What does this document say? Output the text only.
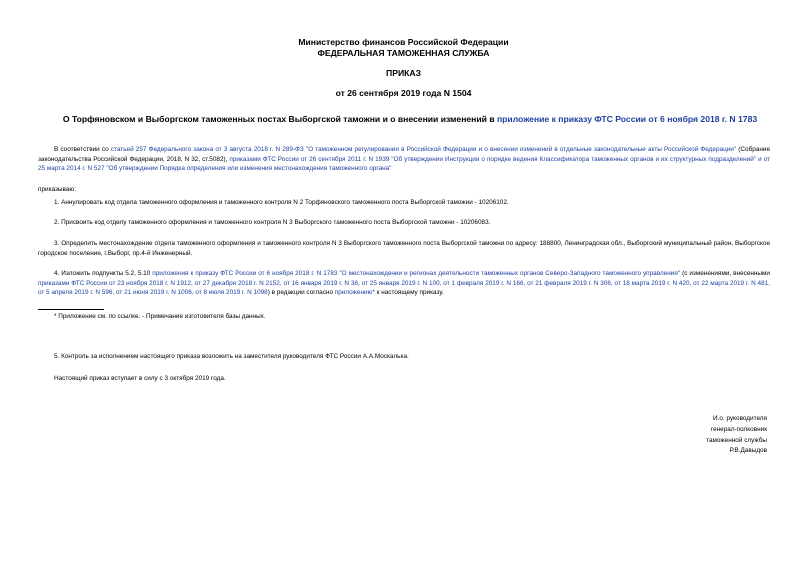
Министерство финансов Российской Федерации
ФЕДЕРАЛЬНАЯ ТАМОЖЕННАЯ СЛУЖБА
ПРИКАЗ
от 26 сентября 2019 года N 1504
О Торфяновском и Выборгском таможенных постах Выборгской таможни и о внесении изменений в приложение к приказу ФТС России от 6 ноября 2018 г. N 1783
В соответствии со статьей 257 Федерального закона от 3 августа 2018 г. N 289-ФЗ "О таможенном регулировании в Российской Федерации и о внесении изменений в отдельные законодательные акты Российской Федерации" (Собрание законодательства Российской Федерации, 2018, N 32, ст.5082), приказами ФТС России от 26 сентября 2011 г. N 1939 "Об утверждении Инструкции о порядке ведения Классификатора таможенных органов и их структурных подразделений" и от 25 марта 2014 г. N 527 "Об утверждении Порядка определения или изменения местонахождения таможенного органа"
приказываю:
1. Аннулировать код отдела таможенного оформления и таможенного контроля N 2 Торфяновского таможенного поста Выборгской таможни - 10206102.
2. Присвоить код отделу таможенного оформления и таможенного контроля N 3 Выборгского таможенного поста Выборгской таможни - 10206083.
3. Определить местонахождение отдела таможенного оформления и таможенного контроля N 3 Выборгского таможенного поста Выборгской таможни по адресу: 188800, Ленинградская обл., Выборгский муниципальный район, Выборгское городское поселение, г.Выборг, пр.4-й Инженерный.
4. Изложить подпункты 5.2, 5.10 приложения к приказу ФТС России от 6 ноября 2018 г. N 1783 "О местонахождении и регионах деятельности таможенных органов Северо-Западного таможенного управления" (с изменениями, внесенными приказами ФТС России от 23 ноября 2018 г. N 1912, от 27 декабря 2018 г. N 2152, от 16 января 2019 г. N 38, от 25 января 2019 г. N 100, от 1 февраля 2019 г. N 166, от 21 февраля 2019 г. N 306, от 18 марта 2019 г. N 420, от 22 марта 2019 г. N 481, от 5 апреля 2019 г. N 596, от 21 июня 2019 г. N 1006, от 8 июля 2019 г. N 1098) в редакции согласно приложению* к настоящему приказу.
* Приложение см. по ссылке. - Примечание изготовителя базы данных.
5. Контроль за исполнением настоящего приказа возложить на заместителя руководителя ФТС России А.А.Москалька.
Настоящий приказ вступает в силу с 3 октября 2019 года.
И.о. руководителя
генерал-полковник
таможенной службы
Р.В.Давыдов
